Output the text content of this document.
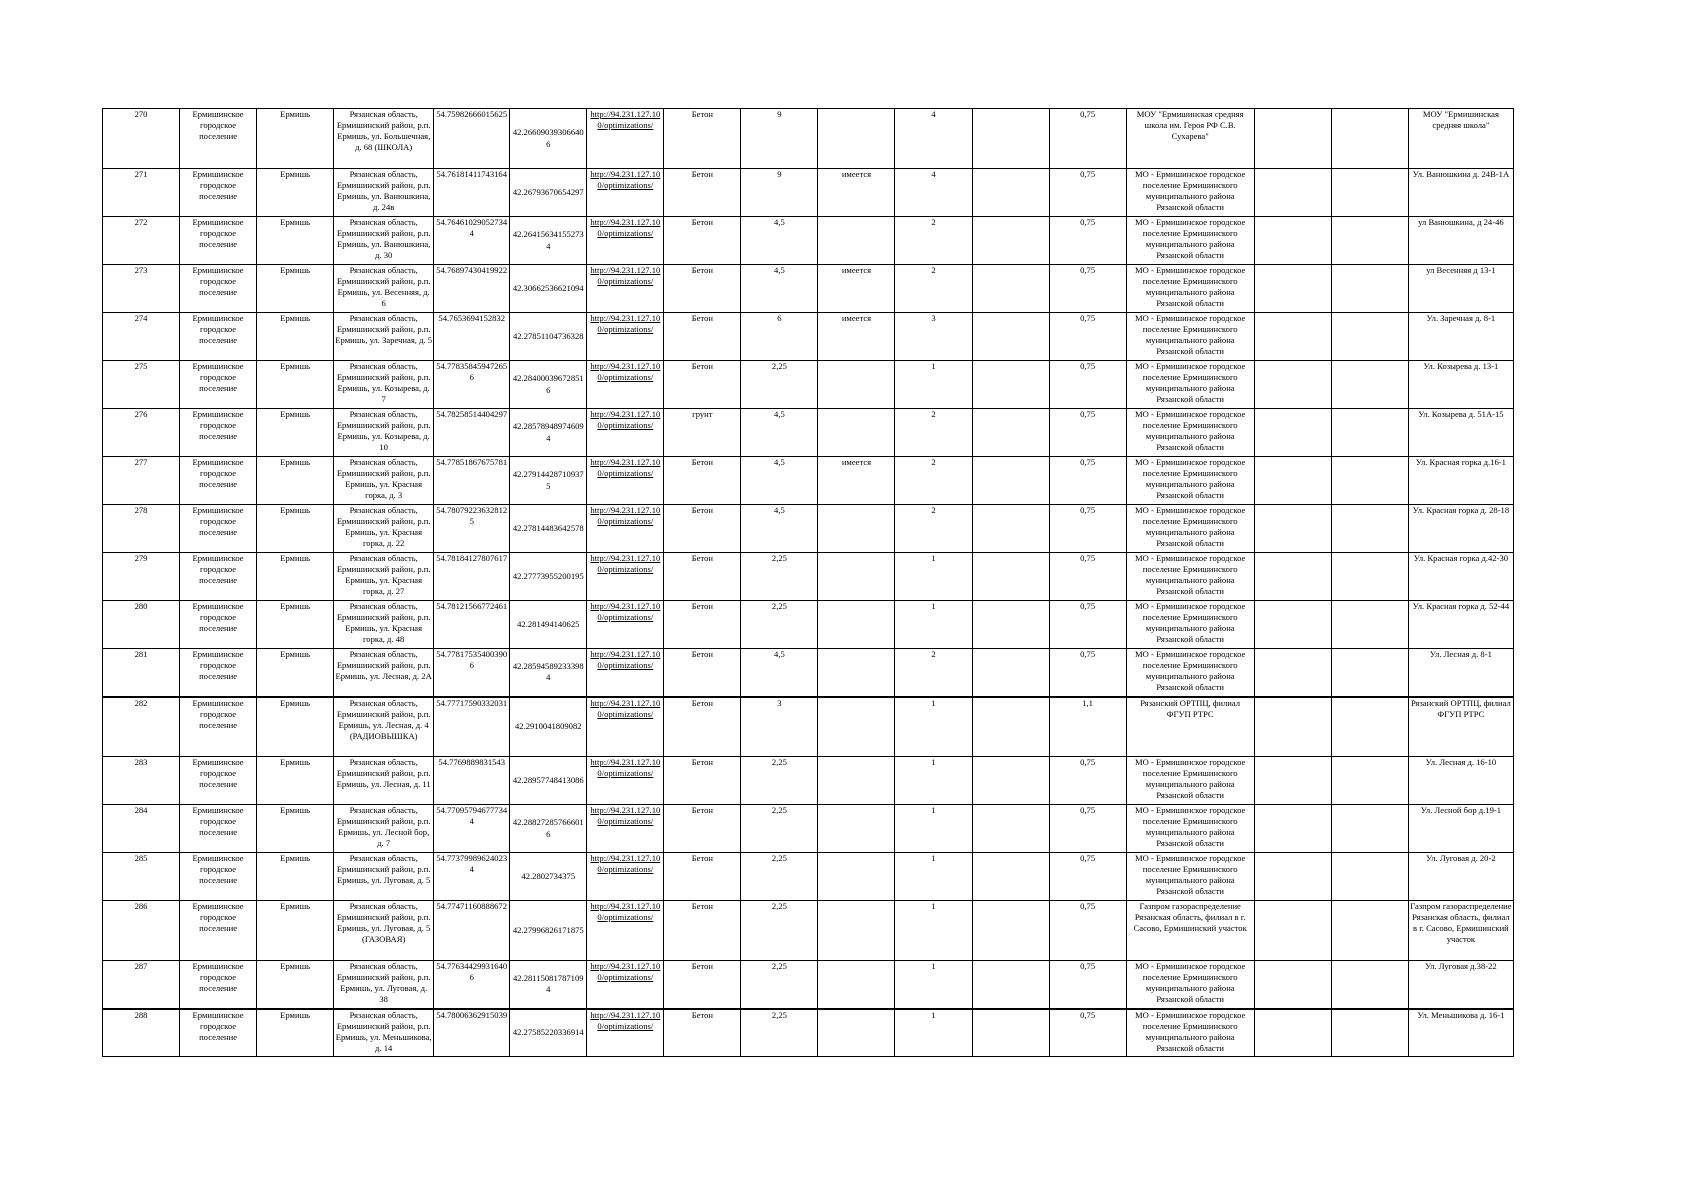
270	Ермишинское городское поселение	Ермишь	Рязанская область, Ермишинский район, р.п. Ермишь, ул. Большечная, д. 68 (ШКОЛА)	54.75982666015625	42.266090393066406	http://94.231.127.10 0/optimizations/	Бетон	9		4		0,75	МОУ "Ермишинская средняя школа им. Героя РФ С.В. Сухарева"			МОУ "Ермишинская средняя школа"
271	Ермишинское городское поселение	Ермишь	Рязанская область, Ермишинский район, р.п. Ермишь, ул. Ванюшкина, д. 24в	54.76181411743164	42.26793670654297	http://94.231.127.10 0/optimizations/	Бетон	9	имеется	4		0,75	МО - Ермишинское городское поселение Ермишинского муниципального района Рязанской области			Ул. Ванюшкина д. 24В-1А
272	Ермишинское городское поселение	Ермишь	Рязанская область, Ермишинский район, р.п. Ермишь, ул. Ванюшкина, д. 30	54.764610290527344	42.264156341552734	http://94.231.127.10 0/optimizations/	Бетон	4,5		2		0,75	МО - Ермишинское городское поселение Ермишинского муниципального района Рязанской области			ул Ванюшкина, д 24-46
273	Ермишинское городское поселение	Ермишь	Рязанская область, Ермишинский район, р.п. Ермишь, ул. Весенняя, д. 6	54.76897430419922	42.30662536621094	http://94.231.127.10 0/optimizations/	Бетон	4,5	имеется	2		0,75	МО - Ермишинское городское поселение Ермишинского муниципального района Рязанской области			ул Весенняя д 13-1
274	Ермишинское городское поселение	Ермишь	Рязанская область, Ермишинский район, р.п. Ермишь, ул. Заречная, д. 5	54.7653694152832	42.27851104736328	http://94.231.127.10 0/optimizations/	Бетон	6	имеется	3		0,75	МО - Ермишинское городское поселение Ермишинского муниципального района Рязанской области			Ул. Заречная д. 8-1
275	Ермишинское городское поселение	Ермишь	Рязанская область, Ермишинский район, р.п. Ермишь, ул. Козырева, д. 7	54.778358459472656	42.284000396728516	http://94.231.127.10 0/optimizations/	Бетон	2,25		1		0,75	МО - Ермишинское городское поселение Ермишинского муниципального района Рязанской области			Ул. Козырева д. 13-1
276	Ермишинское городское поселение	Ермишь	Рязанская область, Ермишинский район, р.п. Ермишь, ул. Козырева, д. 10	54.78258514404297	42.285789489746094	http://94.231.127.10 0/optimizations/	грунт	4,5		2		0,75	МО - Ермишинское городское поселение Ермишинского муниципального района Рязанской области			Ул. Козырева д. 51А-15
277	Ермишинское городское поселение	Ермишь	Рязанская область, Ермишинский район, р.п. Ермишь, ул. Красная горка, д. 3	54.77851867675781	42.279144287109375	http://94.231.127.10 0/optimizations/	Бетон	4,5	имеется	2		0,75	МО - Ермишинское городское поселение Ермишинского муниципального района Рязанской области			Ул. Красная горка д.16-1
278	Ермишинское городское поселение	Ермишь	Рязанская область, Ермишинский район, р.п. Ермишь, ул. Красная горка, д. 22	54.780792236328125	42.27814483642578	http://94.231.127.10 0/optimizations/	Бетон	4,5		2		0,75	МО - Ермишинское городское поселение Ермишинского муниципального района Рязанской области			Ул. Красная горка д. 28-18
279	Ермишинское городское поселение	Ермишь	Рязанская область, Ермишинский район, р.п. Ермишь, ул. Красная горка, д. 27	54.78184127807617	42.27773955200195	http://94.231.127.10 0/optimizations/	Бетон	2,25		1		0,75	МО - Ермишинское городское поселение Ермишинского муниципального района Рязанской области			Ул. Красная горка д.42-30
280	Ермишинское городское поселение	Ермишь	Рязанская область, Ермишинский район, р.п. Ермишь, ул. Красная горка, д. 48	54.78121566772461	42.281494140625	http://94.231.127.10 0/optimizations/	Бетон	2,25		1		0,75	МО - Ермишинское городское поселение Ермишинского муниципального района Рязанской области			Ул. Красная горка д. 52-44
281	Ермишинское городское поселение	Ермишь	Рязанская область, Ермишинский район, р.п. Ермишь, ул. Лесная, д. 2А	54.778175354003906	42.285945892333984	http://94.231.127.10 0/optimizations/	Бетон	4,5		2		0,75	МО - Ермишинское городское поселение Ермишинского муниципального района Рязанской области			Ул. Лесная д. 8-1
282	Ермишинское городское поселение	Ермишь	Рязанская область, Ермишинский район, р.п. Ермишь, ул. Лесная, д. 4 (РАДИОВЫШКА)	54.77717590332031	42.2910041809082	http://94.231.127.10 0/optimizations/	Бетон	3		1		1,1	Рязанский ОРТПЦ, филиал ФГУП РТРС			Рязанский ОРТПЦ, филиал ФГУП РТРС
283	Ермишинское городское поселение	Ермишь	Рязанская область, Ермишинский район, р.п. Ермишь, ул. Лесная, д. 11	54.7769889831543	42.28957748413086	http://94.231.127.10 0/optimizations/	Бетон	2,25		1		0,75	МО - Ермишинское городское поселение Ермишинского муниципального района Рязанской области			Ул. Лесная д. 16-10
284	Ермишинское городское поселение	Ермишь	Рязанская область, Ермишинский район, р.п. Ермишь, ул. Лесной бор, д. 7	54.770957946777344	42.288272857666016	http://94.231.127.10 0/optimizations/	Бетон	2,25		1		0,75	МО - Ермишинское городское поселение Ермишинского муниципального района Рязанской области			Ул. Лесной бор д.19-1
285	Ермишинское городское поселение	Ермишь	Рязанская область, Ермишинский район, р.п. Ермишь, ул. Луговая, д. 5	54.773799896240234	42.2802734375	http://94.231.127.10 0/optimizations/	Бетон	2,25		1		0,75	МО - Ермишинское городское поселение Ермишинского муниципального района Рязанской области			Ул. Луговая д. 20-2
286	Ермишинское городское поселение	Ермишь	Рязанская область, Ермишинский район, р.п. Ермишь, ул. Луговая, д. 5 (ГАЗОВАЯ)	54.77471160888672	42.27996826171875	http://94.231.127.10 0/optimizations/	Бетон	2,25		1		0,75	Газпром газораспределение Рязанская область, филиал в г. Сасово, Ермишинский участок			Газпром газораспределение Рязанская область, филиал в г. Сасово, Ермишинский участок
287	Ермишинское городское поселение	Ермишь	Рязанская область, Ермишинский район, р.п. Ермишь, ул. Луговая, д. 38	54.776344299316406	42.281150817871094	http://94.231.127.10 0/optimizations/	Бетон	2,25		1		0,75	МО - Ермишинское городское поселение Ермишинского муниципального района Рязанской области			Ул. Луговая д.38-22
288	Ермишинское городское поселение	Ермишь	Рязанская область, Ермишинский район, р.п. Ермишь, ул. Меньшикова, д. 14	54.78006362915039	42.27585220336914	http://94.231.127.10 0/optimizations/	Бетон	2,25		1		0,75	МО - Ермишинское городское поселение Ермишинского муниципального района Рязанской области			Ул. Меньшикова д. 16-1
